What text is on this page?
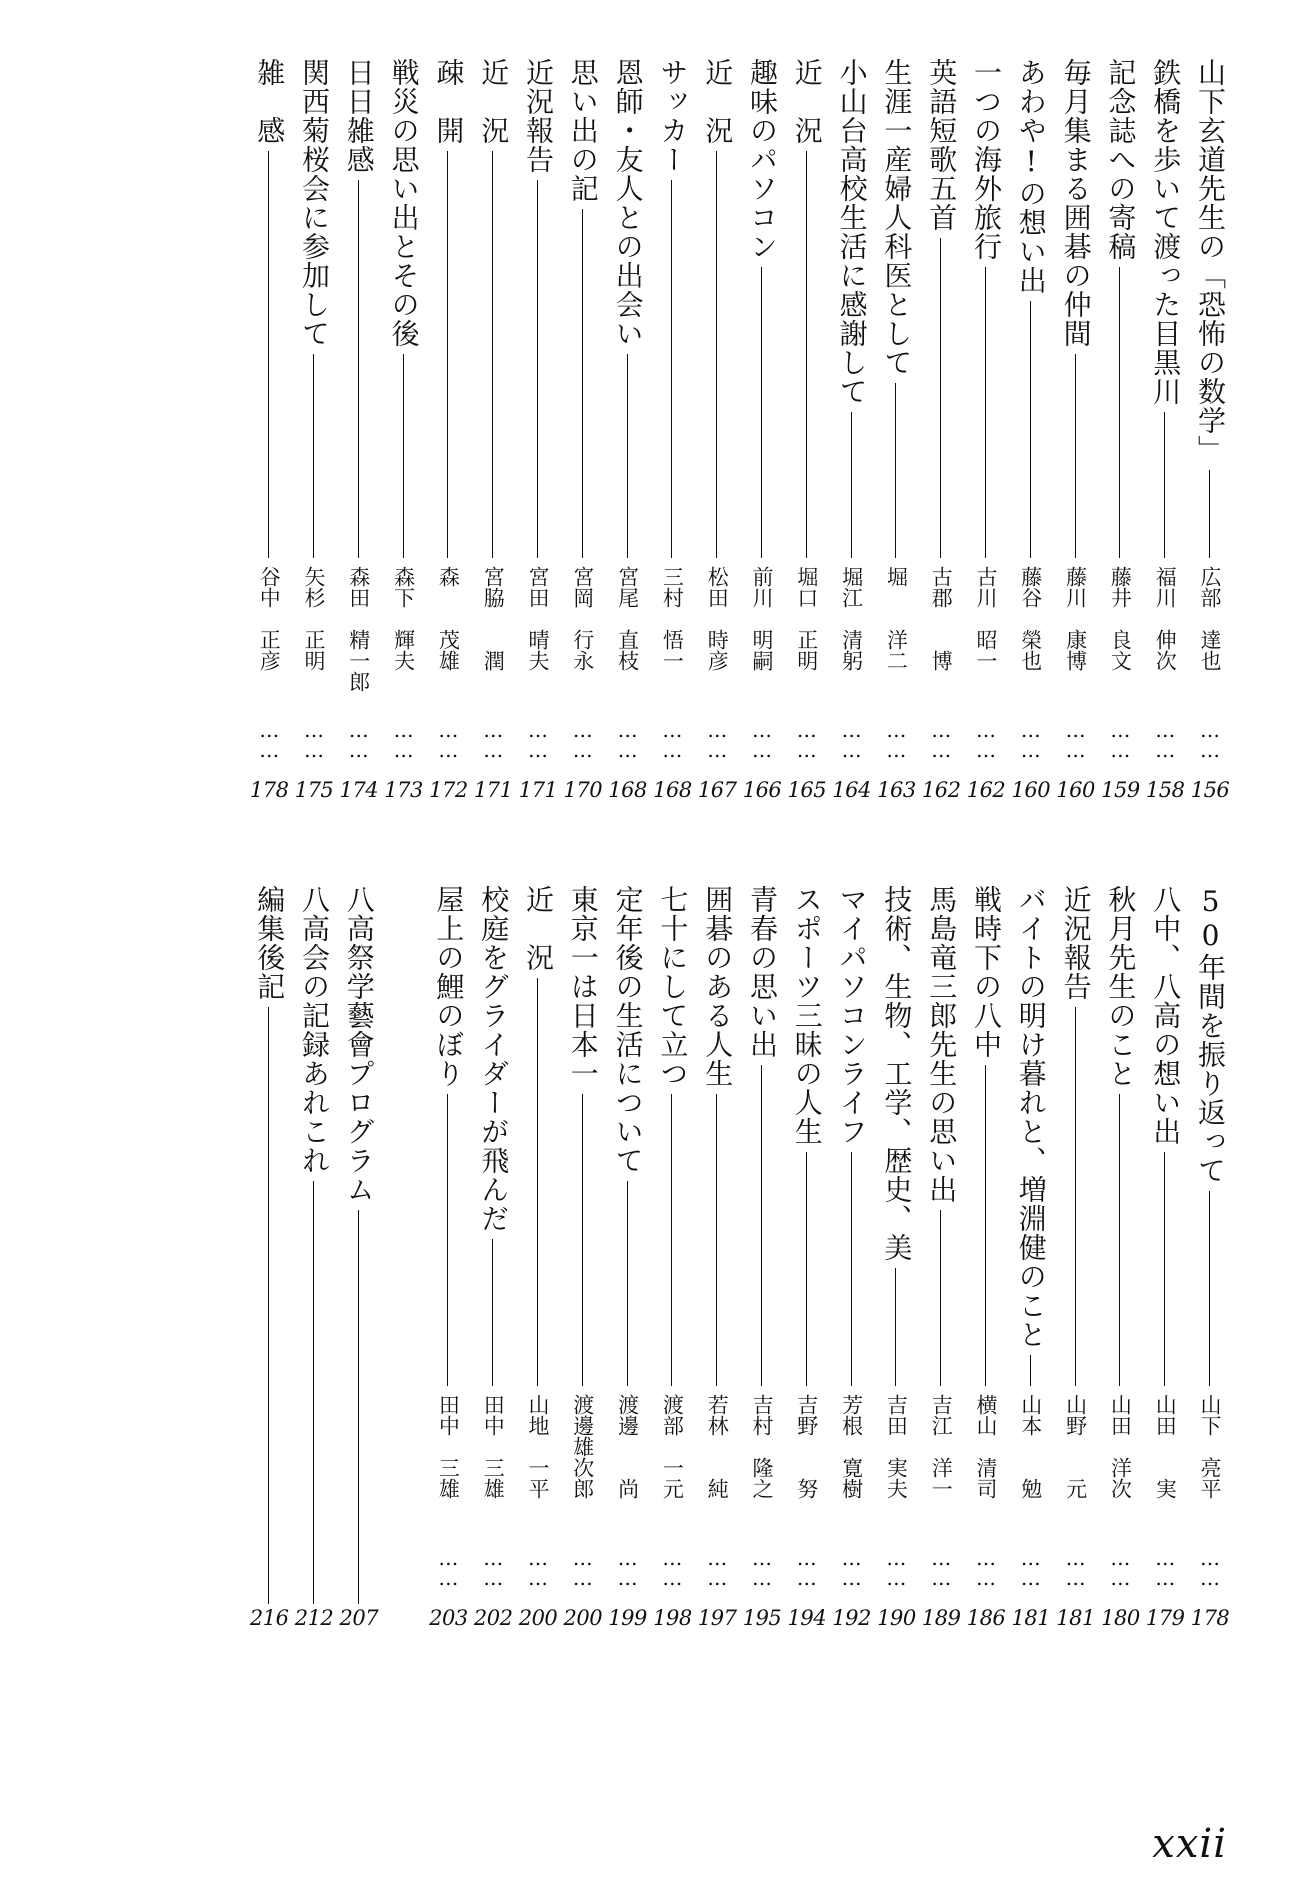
山下玄道先生の「恐怖の数学」
広部　達也
……
156
鉄橋を歩いて渡った目黒川
福川　伸次
……
158
記念誌への寄稿
藤井　良文
……
159
毎月集まる囲碁の仲間
藤川　康博
……
160
あわや!の想い出
藤谷　榮也
……
160
一つの海外旅行
古川　昭一
……
162
英語短歌五首
古郡　　博
……
162
生涯一産婦人科医として
堀　　洋二
……
163
小山台高校生活に感謝して
堀江　清躬
……
164
近　況
堀口　正明
……
165
趣味のパソコン
前川　明嗣
……
166
近　況
松田　時彦
……
167
サッカー
三村　悟一
……
168
恩師・友人との出会い
宮尾　直枝
……
168
思い出の記
宮岡　行永
……
170
近況報告
宮田　晴夫
……
171
近　況
宮脇　　潤
……
171
疎　開
森　　茂雄
……
172
戦災の思い出とその後
森下　輝夫
……
173
日日雑感
森田　精一郎
……
174
関西菊桜会に参加して
矢杉　正明
……
175
雑　感
谷中　正彦
……
178
50年間を振り返って
山下　亮平
……
178
八中、八高の想い出
山田　　実
……
179
秋月先生のこと
山田　洋次
……
180
近況報告
山野　　元
……
181
バイトの明け暮れと、増淵健のこと
山本　　勉
……
181
戦時下の八中
横山　清司
……
186
馬島竜三郎先生の思い出
吉江　洋一
……
189
技術、生物、工学、歴史、美
吉田　実夫
……
190
マイパソコンライフ
芳根　寛樹
……
192
スポーツ三昧の人生
吉野　　努
……
194
青春の思い出
吉村　隆之
……
195
囲碁のある人生
若林　　純
……
197
七十にして立つ
渡部　一元
……
198
定年後の生活について
渡邊　　尚
……
199
東京一は日本一
渡邊雄次郎
……
200
近　況
山地　一平
……
200
校庭をグライダーが飛んだ
田中　三雄
……
202
屋上の鯉のぼり
田中　三雄
……
203
八高祭学藝會プログラム
207
八高会の記録あれこれ
212
編集後記
216
xxii
